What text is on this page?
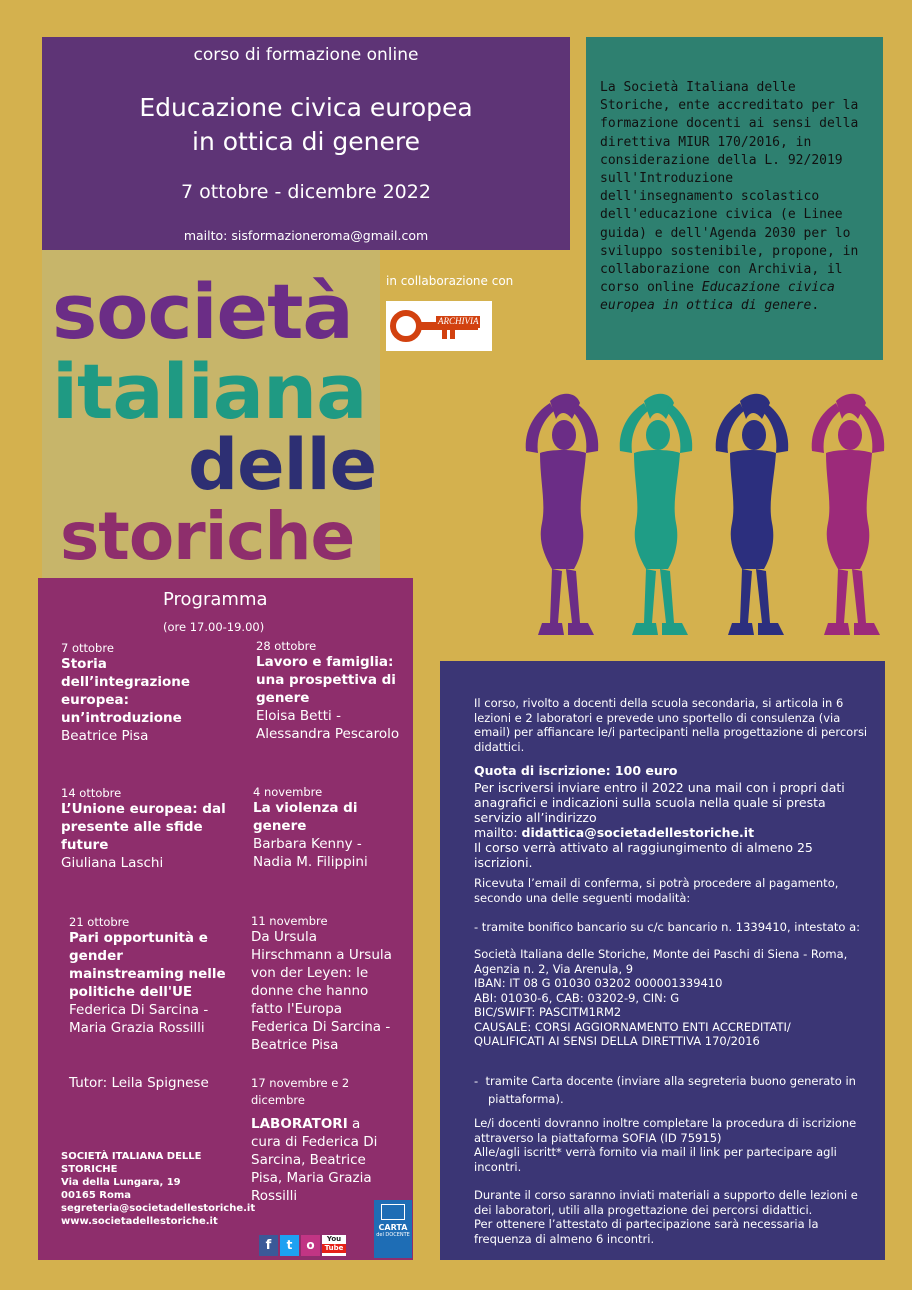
corso di formazione online
Educazione civica europea
in ottica di genere
7 ottobre - dicembre 2022
mailto: sisformazioneroma@gmail.com
La Società Italiana delle Storiche, ente accreditato per la formazione docenti ai sensi della direttiva MIUR 170/2016, in considerazione della L. 92/2019 sull'Introduzione dell'insegnamento scolastico dell'educazione civica (e Linee guida) e dell'Agenda 2030 per lo sviluppo sostenibile, propone, in collaborazione con Archivia, il corso online Educazione civica europea in ottica di genere.
società
italiana
delle
storiche
in collaborazione con
ARCHIVIA
Programma
(ore 17.00-19.00)
7 ottobre
Storia dell’integrazione europea: un’introduzione
Beatrice Pisa
28 ottobre
Lavoro e famiglia: una prospettiva di genere
Eloisa Betti - Alessandra Pescarolo
14 ottobre
L’Unione europea: dal presente alle sfide future
Giuliana Laschi
4 novembre
La violenza di genere
Barbara Kenny - Nadia M. Filippini
21 ottobre
Pari opportunità e gender mainstreaming nelle politiche dell'UE
Federica Di Sarcina - Maria Grazia Rossilli
11 novembre
Da Ursula Hirschmann a Ursula von der Leyen: le donne che hanno fatto l'Europa Federica Di Sarcina - Beatrice Pisa
Tutor: Leila Spignese	17 novembre e 2 dicembre
LABORATORI a cura di Federica Di Sarcina, Beatrice Pisa, Maria Grazia Rossilli
SOCIETÀ ITALIANA DELLE STORICHE
Via della Lungara, 19
00165 Roma
segreteria@societadellestoriche.it
www.societadellestoriche.it
f	t	o	You
Tube
CARTA
del DOCENTE
Il corso, rivolto a docenti della scuola secondaria, si articola in 6 lezioni e 2 laboratori e prevede uno sportello di consulenza (via email) per affiancare le/i partecipanti nella progettazione di percorsi didattici.
Quota di iscrizione: 100 euro
Per iscriversi inviare entro il 2022 una mail con i propri dati anagrafici e indicazioni sulla scuola nella quale si presta servizio all’indirizzo
mailto: didattica@societadellestoriche.it
Il corso verrà attivato al raggiungimento di almeno 25 iscrizioni.
Ricevuta l’email di conferma, si potrà procedere al pagamento, secondo una delle seguenti modalità:
- tramite bonifico bancario su c/c bancario n. 1339410, intestato a:
Società Italiana delle Storiche, Monte dei Paschi di Siena - Roma, Agenzia n. 2, Via Arenula, 9
IBAN: IT 08 G 01030 03202 000001339410
ABI: 01030-6, CAB: 03202-9, CIN: G
BIC/SWIFT: PASCITM1RM2
CAUSALE: CORSI AGGIORNAMENTO ENTI ACCREDITATI/ QUALIFICATI AI SENSI DELLA DIRETTIVA 170/2016
- tramite Carta docente (inviare alla segreteria buono generato in
piattaforma).
Le/i docenti dovranno inoltre completare la procedura di iscrizione attraverso la piattaforma SOFIA (ID 75915)
Alle/agli iscritt* verrà fornito via mail il link per partecipare agli incontri.
Durante il corso saranno inviati materiali a supporto delle lezioni e dei laboratori, utili alla progettazione dei percorsi didattici.
Per ottenere l’attestato di partecipazione sarà necessaria la frequenza di almeno 6 incontri.
